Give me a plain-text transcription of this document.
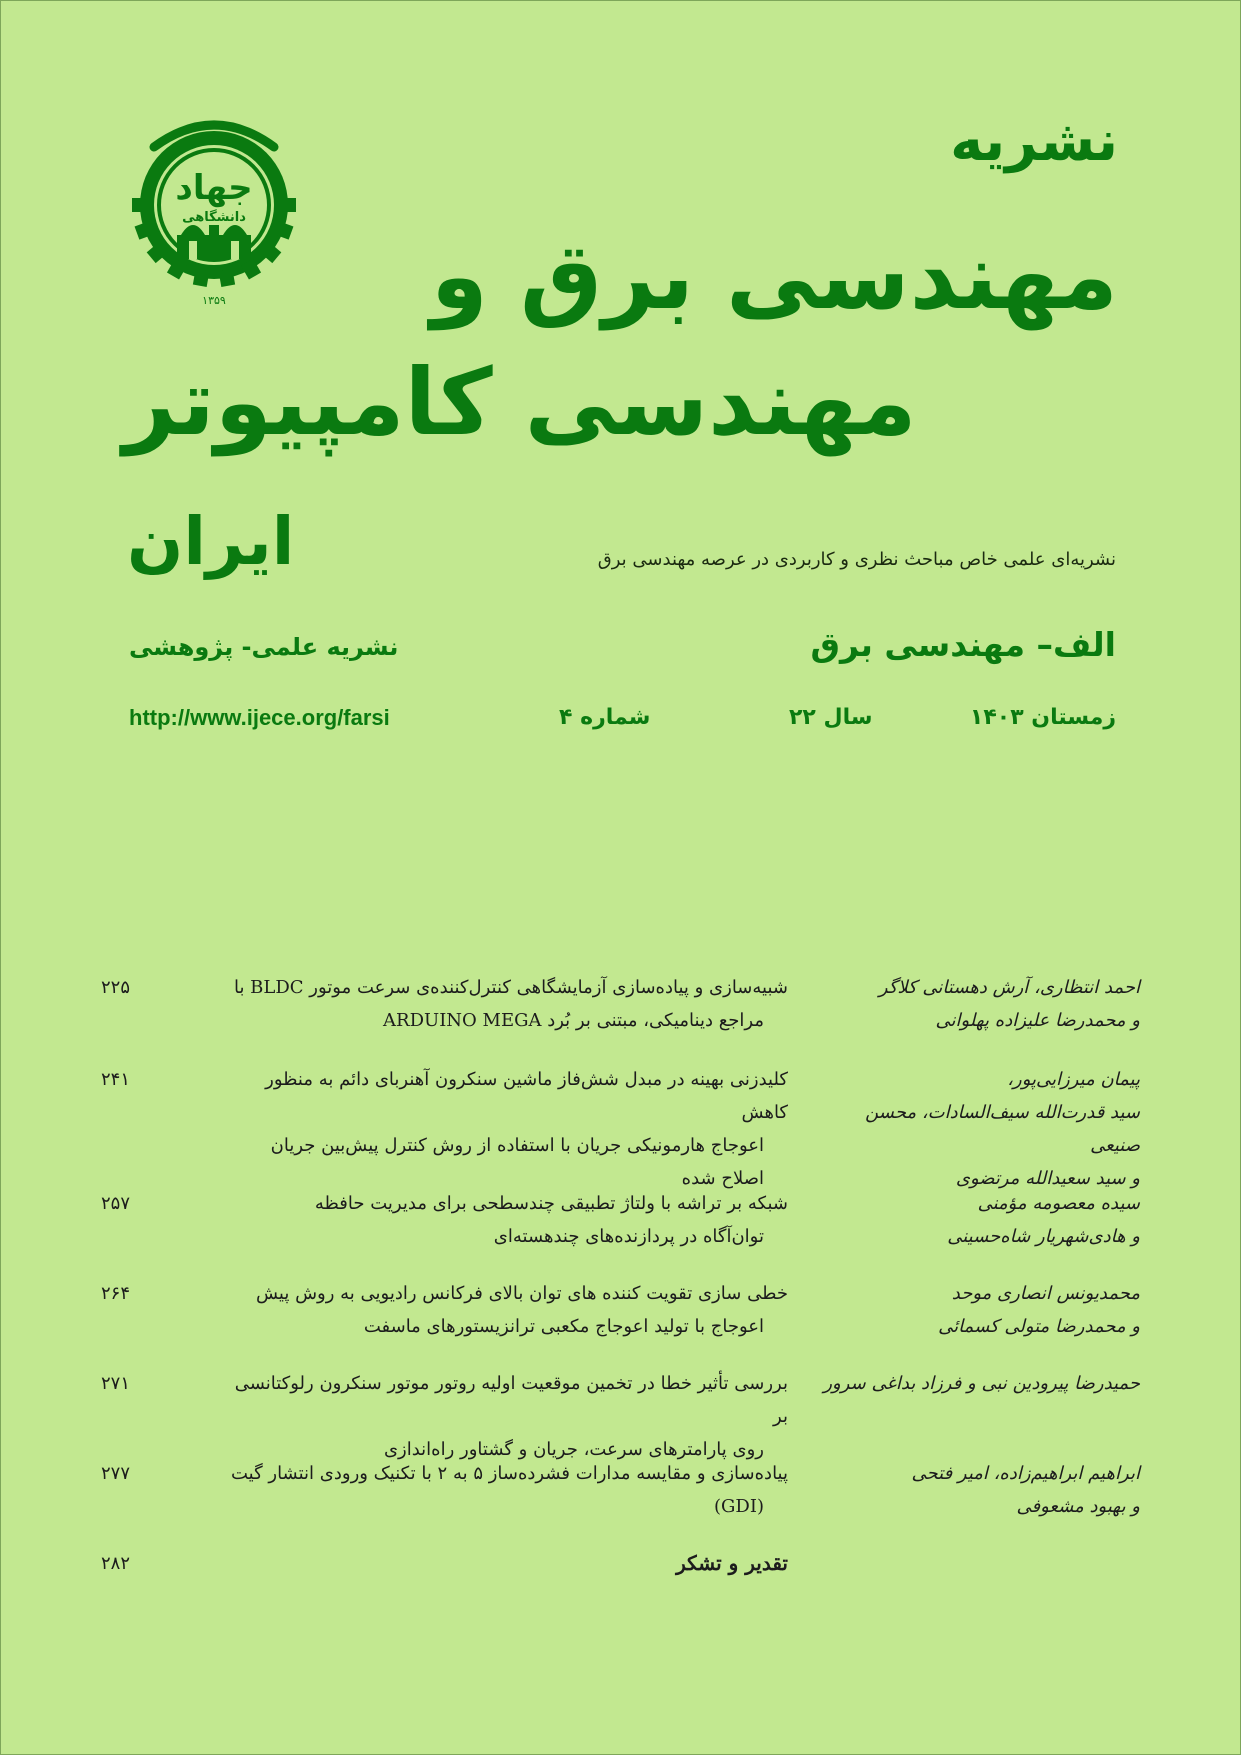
جهاد
دانشگاهی
۱۳۵۹
نشریه
مهندسی برق و
مهندسی کامپیوتر
ایران	نشریه‌ای علمی خاص مباحث نظری و کاربردی در عرصه مهندسی برق
الف– مهندسی برق
نشریه علمی- پژوهشی
زمستان ۱۴۰۳
سال ۲۲
شماره ۴
http://www.ijece.org/farsi
احمد انتظاری، آرش دهستانی کلاگر
و محمدرضا علیزاده پهلوانی
شبیه‌سازی و پیاده‌سازی آزمایشگاهی کنترل‌کننده‌ی سرعت موتور BLDC با
مراجع دینامیکی، مبتنی بر بُرد ARDUINO MEGA
۲۲۵
پیمان میرزایی‌پور،
سید قدرت‌الله سیف‌السادات، محسن صنیعی
و سید سعیدالله مرتضوی
کلیدزنی بهینه در مبدل شش‌فاز ماشین سنکرون آهنربای دائم به منظور کاهش
اعوجاج هارمونیکی جریان با استفاده از روش کنترل پیش‌بین جریان
اصلاح شده
۲۴۱
سیده معصومه مؤمنی
و هادی‌شهریار شاه‌حسینی
شبکه بر تراشه با ولتاژ تطبیقی چندسطحی برای مدیریت حافظه
توان‌آگاه در پردازنده‌های چندهسته‌ای
۲۵۷
محمدیونس انصاری موحد
و محمدرضا متولی کسمائی
خطی سازی تقویت کننده های توان بالای فرکانس رادیویی به روش پیش
اعوجاج با تولید اعوجاج مکعبی ترانزیستورهای ماسفت
۲۶۴
حمیدرضا پیرودین نبی و فرزاد بداغی سرور
بررسی تأثیر خطا در تخمین موقعیت اولیه روتور موتور سنکرون رلوکتانسی بر
روی پارامترهای سرعت، جریان و گشتاور راه‌اندازی
۲۷۱
ابراهیم ابراهیم‌زاده، امیر فتحی
و بهبود مشعوفی
پیاده‌سازی و مقایسه مدارات فشرده‌ساز ۵ به ۲ با تکنیک ورودی انتشار گیت
(GDI)
۲۷۷
تقدیر و تشکر
۲۸۲
